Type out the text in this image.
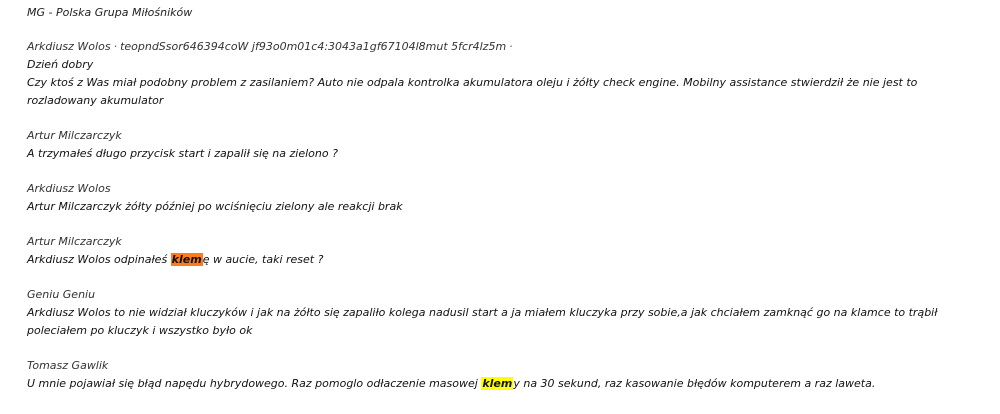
MG - Polska Grupa Miłośników
Arkdiusz Wolos · teopndSsor646394coW jf93o0m01c4:3043a1gf67104l8mut 5fcr4lz5m ·
Dzień dobry
Czy ktoś z Was miał podobny problem z zasilaniem? Auto nie odpala kontrolka akumulatora oleju i żółty check engine. Mobilny assistance stwierdził że nie jest to rozladowany akumulator
Artur Milczarczyk
A trzymałeś długo przycisk start i zapalił się na zielono ?
Arkdiusz Wolos
Artur Milczarczyk żółty później po wciśnięciu zielony ale reakcji brak
Artur Milczarczyk
Arkdiusz Wolos odpinałeś klemę w aucie, taki reset ?
Geniu Geniu
Arkdiusz Wolos to nie widział kluczyków i jak na żółto się zapaliło kolega nadusil start a ja miałem kluczyka przy sobie,a jak chciałem zamknąć go na klamce to trąbił poleciałem po kluczyk i wszystko było ok
Tomasz Gawlik
U mnie pojawiał się błąd napędu hybrydowego. Raz pomoglo odłaczenie masowej klemy na 30 sekund, raz kasowanie błędów komputerem a raz laweta.
